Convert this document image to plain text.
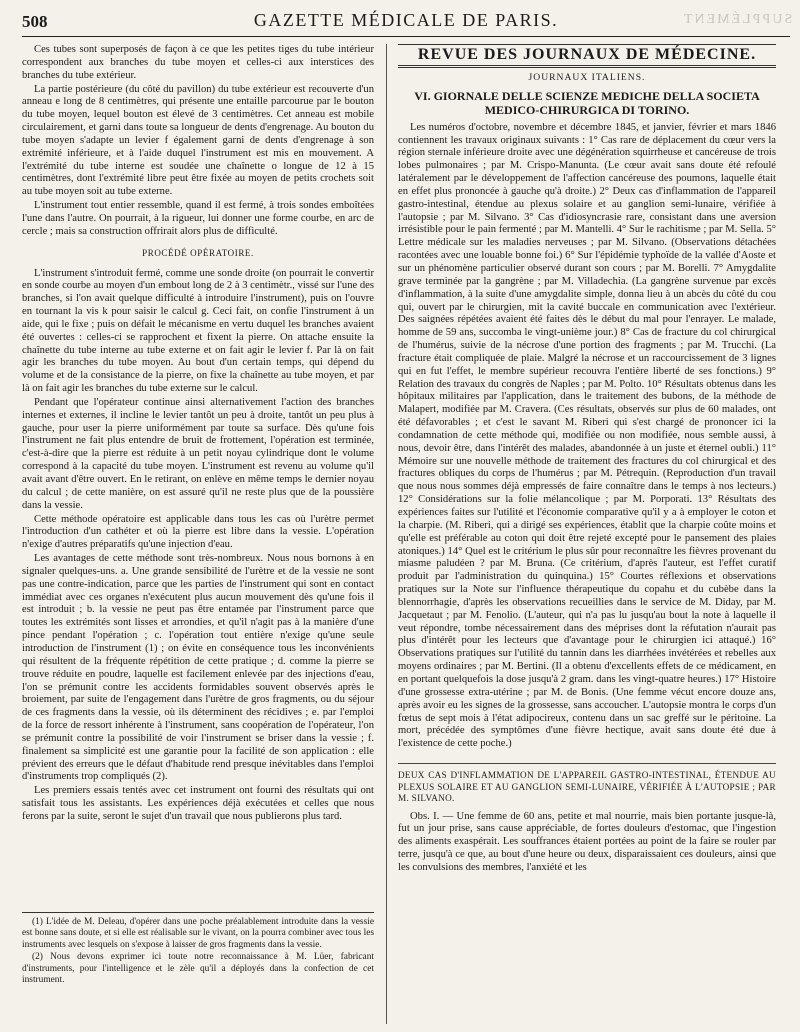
SUPPLÉMENT
508	GAZETTE MÉDICALE DE PARIS.

Ces tubes sont superposés de façon à ce que les petites tiges du tube intérieur correspondent aux branches du tube moyen et celles-ci aux interstices des branches du tube extérieur.

La partie postérieure (du côté du pavillon) du tube extérieur est recouverte d'un anneau e long de 8 centimètres, qui présente une entaille parcourue par le bouton du tube moyen, lequel bouton est élevé de 3 centimètres. Cet anneau est mobile circulairement, et garni dans toute sa longueur de dents d'engrenage. Au bouton du tube moyen s'adapte un levier f également garni de dents d'engrenage à son extrémité inférieure, et à l'aide duquel l'instrument est mis en mouvement. A l'extrémité du tube interne est soudée une chaînette o longue de 12 à 15 centimètres, dont l'extrémité libre peut être fixée au moyen de petits crochets soit au tube moyen soit au tube externe.

L'instrument tout entier ressemble, quand il est fermé, à trois sondes emboîtées l'une dans l'autre. On pourrait, à la rigueur, lui donner une forme courbe, en arc de cercle ; mais sa construction offrirait alors plus de difficulté.

PROCÉDÉ OPÉRATOIRE.

L'instrument s'introduit fermé, comme une sonde droite (on pourrait le convertir en sonde courbe au moyen d'un embout long de 2 à 3 centimètr., vissé sur l'une des branches, si l'on avait quelque difficulté à introduire l'instrument), puis on l'ouvre en tournant la vis k pour saisir le calcul g. Ceci fait, on confie l'instrument à un aide, qui le fixe ; puis on défait le mécanisme en vertu duquel les branches avaient été ouvertes : celles-ci se rapprochent et fixent la pierre. On attache ensuite la chaînette du tube interne au tube externe et on fait agir le levier f. Par là on fait agir les branches du tube moyen. Au bout d'un certain temps, qui dépend du volume et de la consistance de la pierre, on fixe la chaînette au tube moyen, et par là on fait agir les branches du tube externe sur le calcul.

Pendant que l'opérateur continue ainsi alternativement l'action des branches internes et externes, il incline le levier tantôt un peu à droite, tantôt un peu plus à gauche, pour user la pierre uniformément par toute sa surface. Dès qu'une fois l'instrument ne fait plus entendre de bruit de frottement, l'opération est terminée, c'est-à-dire que la pierre est réduite à un petit noyau cylindrique dont le volume correspond à la capacité du tube moyen. L'instrument est revenu au volume qu'il avait avant d'être ouvert. En le retirant, on enlève en même temps le dernier noyau du calcul ; de cette manière, on est assuré qu'il ne reste plus que de la poussière dans la vessie.

Cette méthode opératoire est applicable dans tous les cas où l'urètre permet l'introduction d'un cathéter et où la pierre est libre dans la vessie. L'opération n'exige d'autres préparatifs qu'une injection d'eau.

Les avantages de cette méthode sont très-nombreux. Nous nous bornons à en signaler quelques-uns. a. Une grande sensibilité de l'urètre et de la vessie ne sont pas une contre-indication, parce que les parties de l'instrument qui sont en contact immédiat avec ces organes n'exécutent plus aucun mouvement dès qu'une fois il est introduit ; b. la vessie ne peut pas être entamée par l'instrument parce que toutes les extrémités sont lisses et arrondies, et qu'il n'agit pas à la manière d'une pince pendant l'opération ; c. l'opération tout entière n'exige qu'une seule introduction de l'instrument (1) ; on évite en conséquence tous les inconvénients qui résultent de la fréquente répétition de cette pratique ; d. comme la pierre se trouve réduite en poudre, laquelle est facilement enlevée par des injections d'eau, l'on se prémunit contre les accidents formidables souvent observés après le broiement, par suite de l'engagement dans l'urètre de gros fragments, ou du séjour de ces fragments dans la vessie, où ils déterminent des récidives ; e. par l'emploi de la force de ressort inhérente à l'instrument, sans coopération de l'opérateur, l'on se prémunit contre la possibilité de voir l'instrument se briser dans la vessie ; f. finalement sa simplicité est une garantie pour la facilité de son application : elle prévient des erreurs que le défaut d'habitude rend presque inévitables dans l'emploi d'instruments trop compliqués (2).

Les premiers essais tentés avec cet instrument ont fourni des résultats qui ont satisfait tous les assistants. Les expériences déjà exécutées et celles que nous ferons par la suite, seront le sujet d'un travail que nous publierons plus tard.

(1) L'idée de M. Deleau, d'opérer dans une poche préalablement introduite dans la vessie est bonne sans doute, et si elle est réalisable sur le vivant, on la pourra combiner avec tous les instruments avec lesquels on s'expose à laisser de gros fragments dans la vessie.

(2) Nous devons exprimer ici toute notre reconnaissance à M. Lüer, fabricant d'instruments, pour l'intelligence et le zèle qu'il a déployés dans la confection de cet instrument.

REVUE DES JOURNAUX DE MÉDECINE.
JOURNAUX ITALIENS.
VI. GIORNALE DELLE SCIENZE MEDICHE DELLA SOCIETA MEDICO-CHIRURGICA DI TORINO.

Les numéros d'octobre, novembre et décembre 1845, et janvier, février et mars 1846 contiennent les travaux originaux suivants : 1° Cas rare de déplacement du cœur vers la région sternale inférieure droite avec une dégénération squirrheuse et cancéreuse de trois lobes pulmonaires ; par M. Crispo-Manunta. (Le cœur avait sans doute été refoulé latéralement par le développement de l'affection cancéreuse des poumons, laquelle était en effet plus prononcée à gauche qu'à droite.) 2° Deux cas d'inflammation de l'appareil gastro-intestinal, étendue au plexus solaire et au ganglion semi-lunaire, vérifiée à l'autopsie ; par M. Silvano. 3° Cas d'idiosyncrasie rare, consistant dans une aversion irrésistible pour le pain fermenté ; par M. Mantelli. 4° Sur le rachitisme ; par M. Sella. 5° Lettre médicale sur les maladies nerveuses ; par M. Silvano. (Observations détachées racontées avec une louable bonne foi.) 6° Sur l'épidémie typhoïde de la vallée d'Aoste et sur un phénomène particulier observé durant son cours ; par M. Borelli. 7° Amygdalite grave terminée par la gangrène ; par M. Villadechia. (La gangrène survenue par excès d'inflammation, à la suite d'une amygdalite simple, donna lieu à un abcès du côté du cou qui, ouvert par le chirurgien, mit la cavité buccale en communication avec l'extérieur. Des saignées répétées avaient été faites dès le début du mal pour l'enrayer. Le malade, homme de 59 ans, succomba le vingt-unième jour.) 8° Cas de fracture du col chirurgical de l'humérus, suivie de la nécrose d'une portion des fragments ; par M. Trucchi. (La fracture était compliquée de plaie. Malgré la nécrose et un raccourcissement de 3 lignes qui en fut l'effet, le membre supérieur recouvra l'entière liberté de ses fonctions.) 9° Relation des travaux du congrès de Naples ; par M. Polto. 10° Résultats obtenus dans les hôpitaux militaires par l'application, dans le traitement des bubons, de la méthode de Malapert, modifiée par M. Cravera. (Ces résultats, observés sur plus de 60 malades, ont été défavorables ; et c'est le savant M. Riberi qui s'est chargé de prononcer ici la condamnation de cette méthode qui, modifiée ou non modifiée, nous semble aussi, à nous, devoir être, dans l'intérêt des malades, abandonnée à un juste et éternel oubli.) 11° Mémoire sur une nouvelle méthode de traitement des fractures du col chirurgical et des fractures obliques du corps de l'humérus ; par M. Pétrequin. (Reproduction d'un travail que nous nous sommes déjà empressés de faire connaître dans le temps à nos lecteurs.) 12° Considérations sur la folie mélancolique ; par M. Porporati. 13° Résultats des expériences faites sur l'utilité et l'économie comparative qu'il y a à employer le coton et la charpie. (M. Riberi, qui a dirigé ses expériences, établit que la charpie coûte moins et qu'elle est préférable au coton qui doit être rejeté excepté pour le pansement des plaies atoniques.) 14° Quel est le critérium le plus sûr pour reconnaître les fièvres provenant du miasme paludéen ? par M. Bruna. (Ce critérium, d'après l'auteur, est l'effet curatif produit par l'administration du quinquina.) 15° Courtes réflexions et observations pratiques sur la Note sur l'influence thérapeutique du copahu et du cubèbe dans la blennorrhagie, d'après les observations recueillies dans le service de M. Diday, par M. Jacquetaut ; par M. Fenolio. (L'auteur, qui n'a pas lu jusqu'au bout la note à laquelle il veut répondre, tombe nécessairement dans des méprises dont la réfutation n'aurait pas plus d'intérêt pour les lecteurs que d'avantage pour le chirurgien ici attaqué.) 16° Observations pratiques sur l'utilité du tannin dans les diarrhées invétérées et rebelles aux moyens ordinaires ; par M. Bertini. (Il a obtenu d'excellents effets de ce médicament, en en portant quelquefois la dose jusqu'à 2 gram. dans les vingt-quatre heures.) 17° Histoire d'une grossesse extra-utérine ; par M. de Bonis. (Une femme vécut encore douze ans, après avoir eu les signes de la grossesse, sans accoucher. L'autopsie montra le corps d'un fœtus de sept mois à l'état adipocireux, contenu dans un sac greffé sur le péritoine. La mort, précédée des symptômes d'une fièvre hectique, avait sans doute été due à l'existence de cette poche.)

DEUX CAS D'INFLAMMATION DE L'APPAREIL GASTRO-INTESTINAL, ÉTENDUE AU PLEXUS SOLAIRE ET AU GANGLION SEMI-LUNAIRE, VÉRIFIÉE À L'AUTOPSIE ; PAR M. SILVANO.

Obs. I. — Une femme de 60 ans, petite et mal nourrie, mais bien portante jusque-là, fut un jour prise, sans cause appréciable, de fortes douleurs d'estomac, que l'ingestion des aliments exaspérait. Les souffrances étaient portées au point de la faire se rouler par terre, jusqu'à ce que, au bout d'une heure ou deux, disparaissaient ces douleurs, ainsi que les convulsions des membres, l'anxiété et les
